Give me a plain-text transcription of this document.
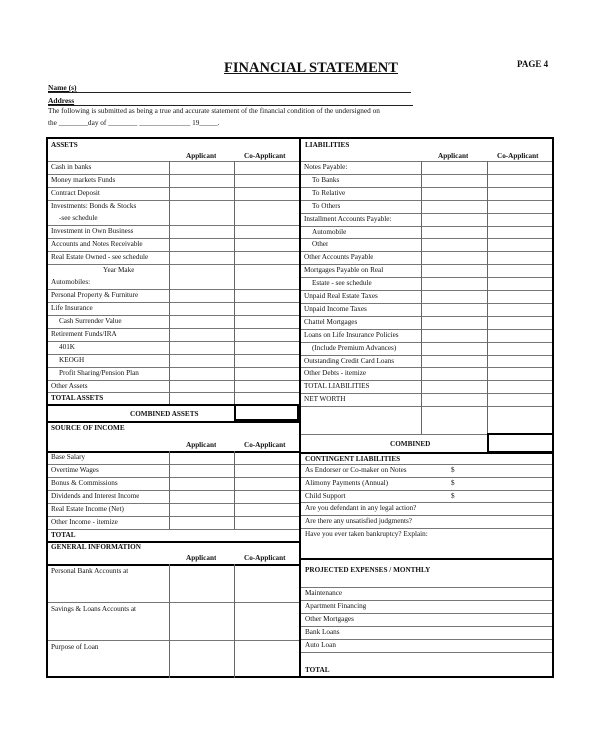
FINANCIAL STATEMENT	PAGE 4
Name (s)
Address
The following is submitted as being a true and accurate statement of the financial condition of the undersigned on
the ________day of ________ ______________ 19_____.
ASSETS
Applicant	Co-Applicant
Cash in banks
Money markets Funds
Contract Deposit
Investments: Bonds & Stocks
-see schedule
Investment in Own Business
Accounts and Notes Receivable
Real Estate Owned - see schedule
Year Make
Automobiles:
Personal Property & Furniture
Life Insurance
Cash Surrender Value
Retirement Funds/IRA
401K
KEOGH
Profit Sharing/Pension Plan
Other Assets
TOTAL ASSETS
COMBINED ASSETS
SOURCE OF INCOME
Applicant	Co-Applicant
Base Salary
Overtime Wages
Bonus & Commissions
Dividends and Interest Income
Real Estate Income (Net)
Other Income - itemize
TOTAL
GENERAL INFORMATION
Applicant	Co-Applicant
Personal Bank Accounts at
Savings & Loans Accounts at
Purpose of Loan
LIABILITIES
Applicant	Co-Applicant
Notes Payable:
To Banks
To Relative
To Others
Installment Accounts Payable:
Automobile
Other
Other Accounts Payable
Mortgages Payable on Real
Estate - see schedule
Unpaid Real Estate Taxes
Unpaid Income Taxes
Chattel Mortgages
Loans on Life Insurance Policies
(Include Premium Advances)
Outstanding Credit Card Loans
Other Debts - itemize
TOTAL LIABILITIES
NET WORTH
COMBINED
CONTINGENT LIABILITIES
As Endorser or Co-maker on Notes	$
Alimony Payments (Annual)	$
Child Support	$
Are you defendant in any legal action?
Are there any unsatisfied judgments?
Have you ever taken bankruptcy? Explain:
PROJECTED EXPENSES / MONTHLY
Maintenance
Apartment Financing
Other Mortgages
Bank Loans
Auto Loan
TOTAL
